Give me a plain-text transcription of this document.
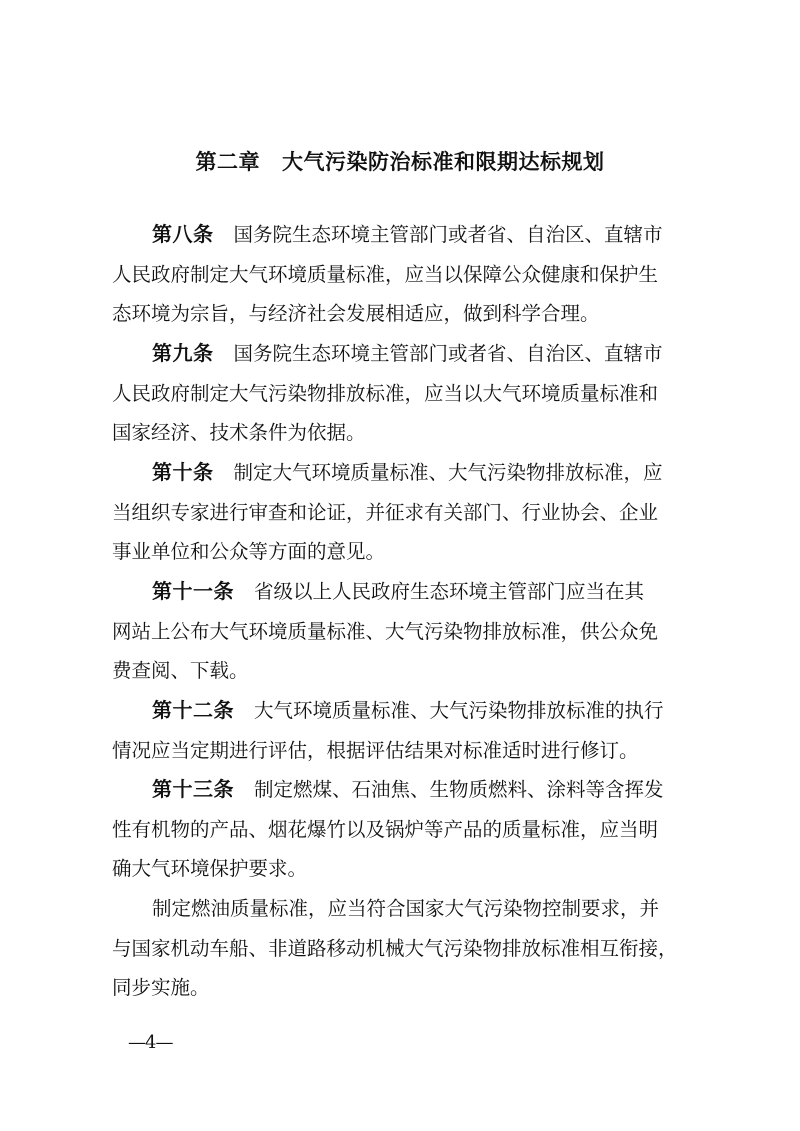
第二章 大气污染防治标准和限期达标规划
第八条 国务院生态环境主管部门或者省、自治区、直辖市
人民政府制定大气环境质量标准，应当以保障公众健康和保护生
态环境为宗旨，与经济社会发展相适应，做到科学合理。
第九条 国务院生态环境主管部门或者省、自治区、直辖市
人民政府制定大气污染物排放标准，应当以大气环境质量标准和
国家经济、技术条件为依据。
第十条 制定大气环境质量标准、大气污染物排放标准，应
当组织专家进行审查和论证，并征求有关部门、行业协会、企业
事业单位和公众等方面的意见。
第十一条 省级以上人民政府生态环境主管部门应当在其
网站上公布大气环境质量标准、大气污染物排放标准，供公众免
费查阅、下载。
第十二条 大气环境质量标准、大气污染物排放标准的执行
情况应当定期进行评估，根据评估结果对标准适时进行修订。
第十三条 制定燃煤、石油焦、生物质燃料、涂料等含挥发
性有机物的产品、烟花爆竹以及锅炉等产品的质量标准，应当明
确大气环境保护要求。
制定燃油质量标准，应当符合国家大气污染物控制要求，并
与国家机动车船、非道路移动机械大气污染物排放标准相互衔接，
同步实施。
—4—
